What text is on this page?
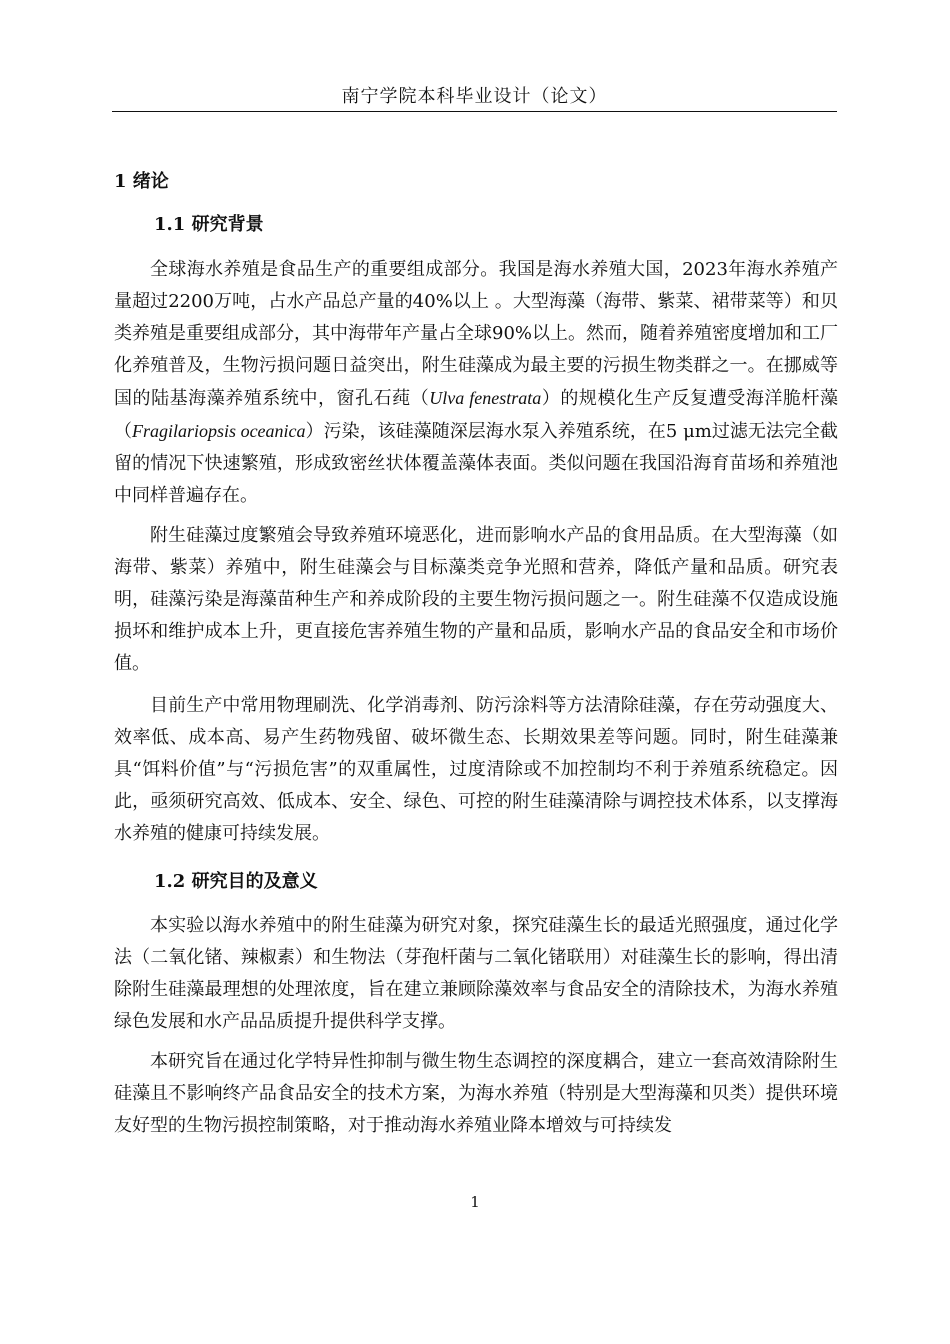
南宁学院本科毕业设计（论文）
1 绪论
1.1 研究背景
全球海水养殖是食品生产的重要组成部分。我国是海水养殖大国，2023年海水养殖产量超过2200万吨，占水产品总产量的40%以上 。大型海藻（海带、紫菜、裙带菜等）和贝类养殖是重要组成部分，其中海带年产量占全球90%以上。然而，随着养殖密度增加和工厂化养殖普及，生物污损问题日益突出，附生硅藻成为最主要的污损生物类群之一。在挪威等国的陆基海藻养殖系统中，窗孔石莼（Ulva fenestrata）的规模化生产反复遭受海洋脆杆藻（Fragilariopsis oceanica）污染，该硅藻随深层海水泵入养殖系统，在5 μm过滤无法完全截留的情况下快速繁殖，形成致密丝状体覆盖藻体表面。类似问题在我国沿海育苗场和养殖池中同样普遍存在。
附生硅藻过度繁殖会导致养殖环境恶化，进而影响水产品的食用品质。在大型海藻（如海带、紫菜）养殖中，附生硅藻会与目标藻类竞争光照和营养，降低产量和品质。研究表明，硅藻污染是海藻苗种生产和养成阶段的主要生物污损问题之一。附生硅藻不仅造成设施损坏和维护成本上升，更直接危害养殖生物的产量和品质，影响水产品的食品安全和市场价值。
目前生产中常用物理刷洗、化学消毒剂、防污涂料等方法清除硅藻，存在劳动强度大、效率低、成本高、易产生药物残留、破坏微生态、长期效果差等问题。同时，附生硅藻兼具“饵料价值”与“污损危害”的双重属性，过度清除或不加控制均不利于养殖系统稳定。因此，亟须研究高效、低成本、安全、绿色、可控的附生硅藻清除与调控技术体系，以支撑海水养殖的健康可持续发展。
1.2 研究目的及意义
本实验以海水养殖中的附生硅藻为研究对象，探究硅藻生长的最适光照强度，通过化学法（二氧化锗、辣椒素）和生物法（芽孢杆菌与二氧化锗联用）对硅藻生长的影响，得出清除附生硅藻最理想的处理浓度，旨在建立兼顾除藻效率与食品安全的清除技术，为海水养殖绿色发展和水产品品质提升提供科学支撑。
本研究旨在通过化学特异性抑制与微生物生态调控的深度耦合，建立一套高效清除附生硅藻且不影响终产品食品安全的技术方案，为海水养殖（特别是大型海藻和贝类）提供环境友好型的生物污损控制策略，对于推动海水养殖业降本增效与可持续发
1
